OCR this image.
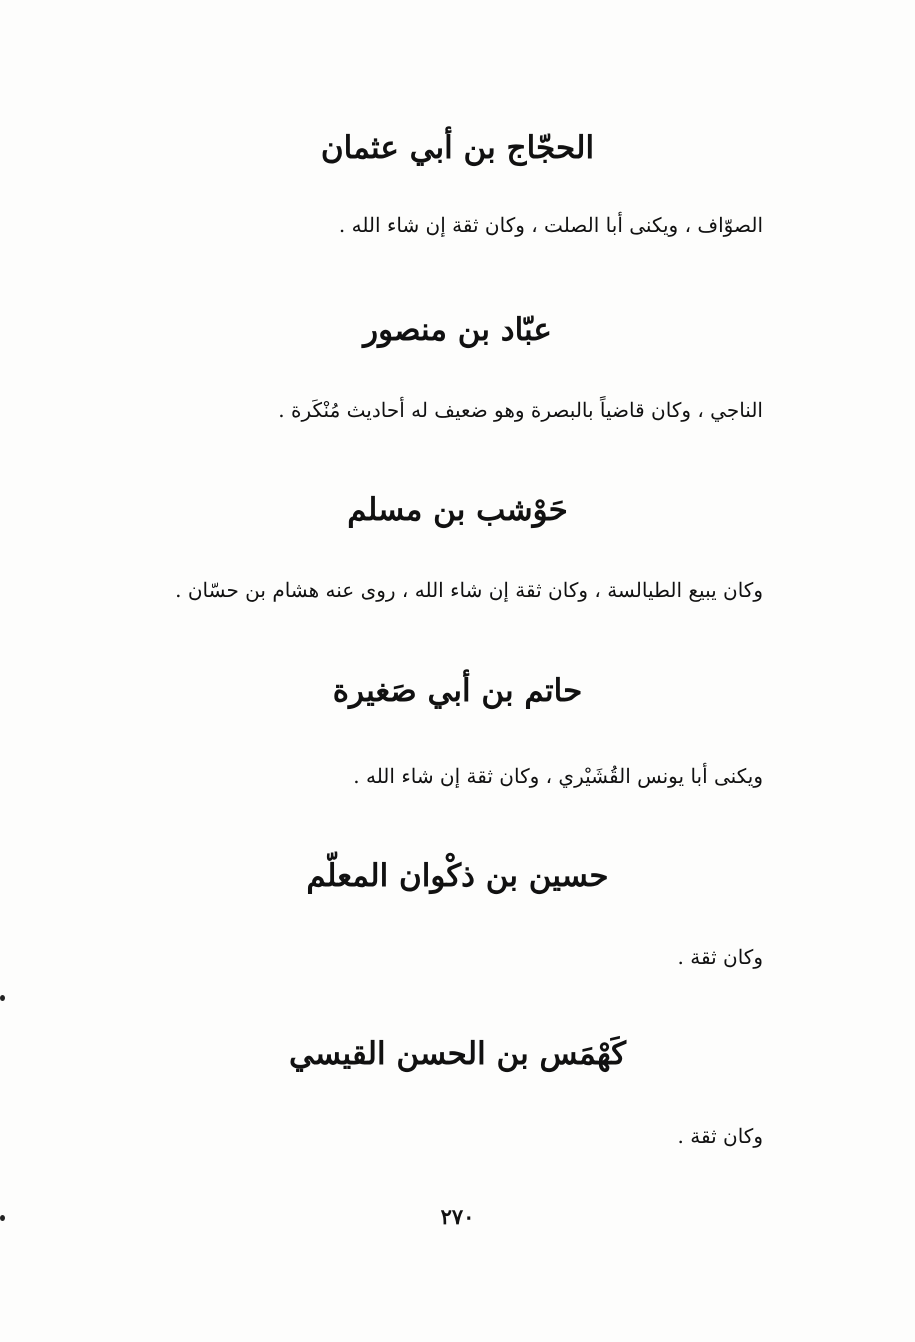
الحجّاج بن أبي عثمان
الصوّاف ، ويكنى أبا الصلت ، وكان ثقة إن شاء الله .
عبّاد بن منصور
الناجي ، وكان قاضياً بالبصرة وهو ضعيف له أحاديث مُنْكَرة .
حَوْشب بن مسلم
وكان يبيع الطيالسة ، وكان ثقة إن شاء الله ، روى عنه هشام بن حسّان .
حاتم بن أبي صَغيرة
ويكنى أبا يونس القُشَيْري ، وكان ثقة إن شاء الله .
حسين بن ذكْوان المعلّم
وكان ثقة .
كَهْمَس بن الحسن القيسي
وكان ثقة .
٢٧٠
